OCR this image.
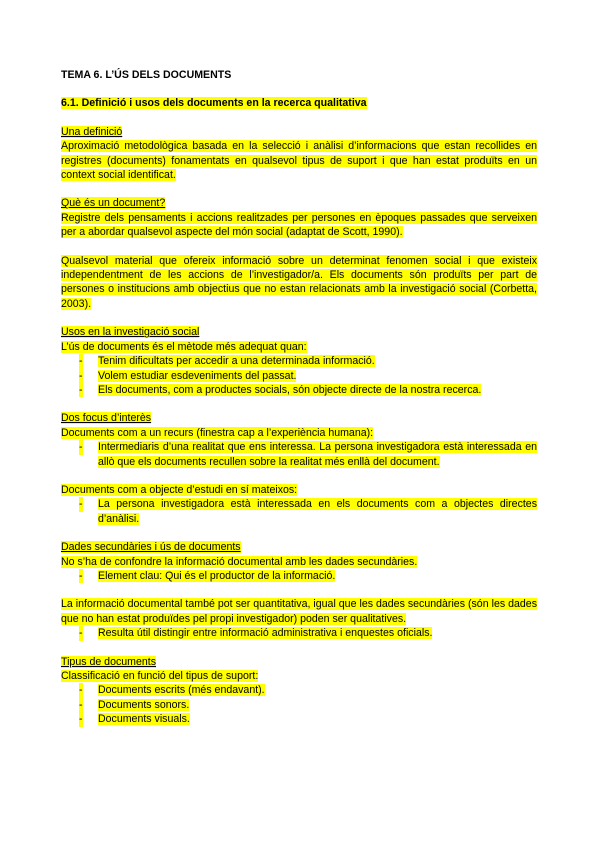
TEMA 6. L’ÚS DELS DOCUMENTS
6.1. Definició i usos dels documents en la recerca qualitativa
Una definició
Aproximació metodològica basada en la selecció i anàlisi d’informacions que estan recollides en registres (documents) fonamentats en qualsevol tipus de suport i que han estat produïts en un context social identificat.
Què és un document?
Registre dels pensaments i accions realitzades per persones en èpoques passades que serveixen per a abordar qualsevol aspecte del món social (adaptat de Scott, 1990).
Qualsevol material que ofereix informació sobre un determinat fenomen social i que existeix independentment de les accions de l’investigador/a. Els documents són produïts per part de persones o institucions amb objectius que no estan relacionats amb la investigació social (Corbetta, 2003).
Usos en la investigació social
L’ús de documents és el mètode més adequat quan:
- Tenim dificultats per accedir a una determinada informació.
- Volem estudiar esdeveniments del passat.
- Els documents, com a productes socials, són objecte directe de la nostra recerca.
Dos focus d’interès
Documents com a un recurs (finestra cap a l’experiència humana):
- Intermediaris d’una realitat que ens interessa. La persona investigadora està interessada en allò que els documents recullen sobre la realitat més enllà del document.
Documents com a objecte d’estudi en sí mateixos:
- La persona investigadora està interessada en els documents com a objectes directes d’anàlisi.
Dades secundàries i ús de documents
No s’ha de confondre la informació documental amb les dades secundàries.
- Element clau: Qui és el productor de la informació.
La informació documental també pot ser quantitativa, igual que les dades secundàries (són les dades que no han estat produïdes pel propi investigador) poden ser qualitatives.
- Resulta útil distingir entre informació administrativa i enquestes oficials.
Tipus de documents
Classificació en funció del tipus de suport:
- Documents escrits (més endavant).
- Documents sonors.
- Documents visuals.
